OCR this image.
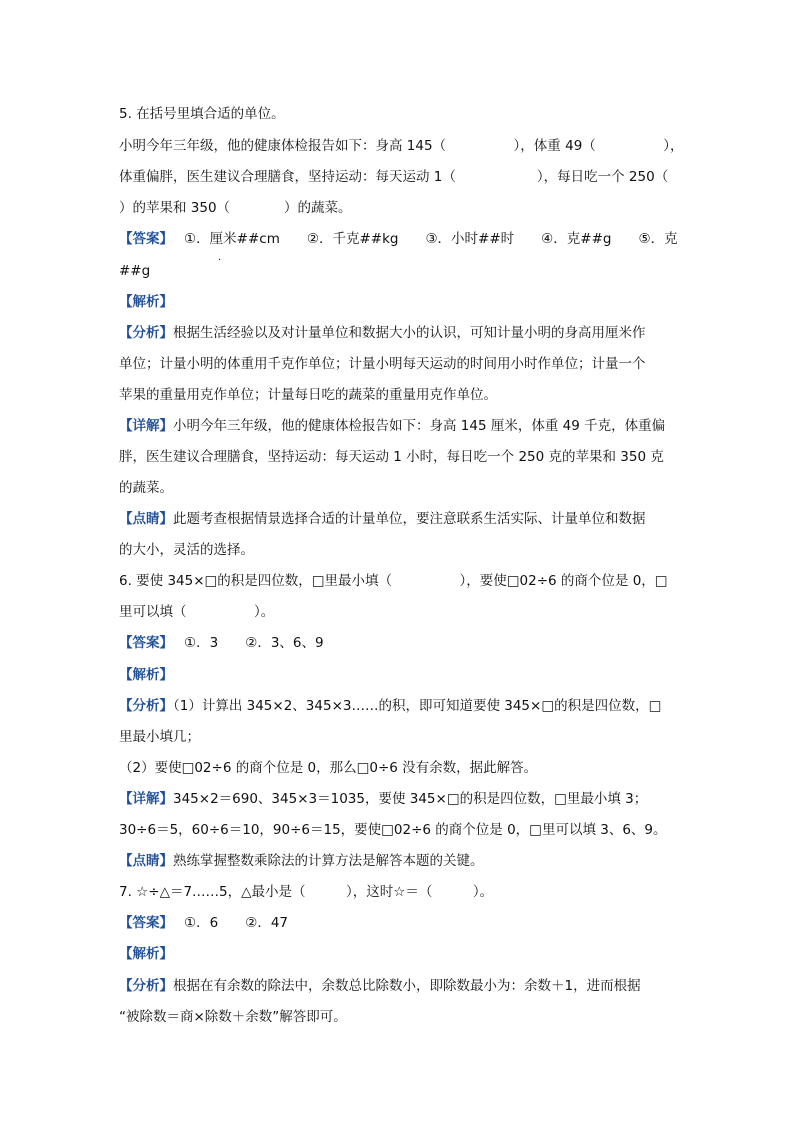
5. 在括号里填合适的单位。
小明今年三年级，他的健康体检报告如下：身高 145（　　　　　），体重 49（　　　　　），
体重偏胖，医生建议合理膳食，坚持运动：每天运动 1（　　　　　　），每日吃一个 250（
）的苹果和 350（　　　　）的蔬菜。
【答案】　 ①．厘米##cm　　②．千克##kg　　③．小时##时　　④．克##g　　⑤．克
·
##g
【解析】
【分析】根据生活经验以及对计量单位和数据大小的认识，可知计量小明的身高用厘米作
单位；计量小明的体重用千克作单位；计量小明每天运动的时间用小时作单位；计量一个
苹果的重量用克作单位；计量每日吃的蔬菜的重量用克作单位。
【详解】小明今年三年级，他的健康体检报告如下：身高 145 厘米，体重 49 千克，体重偏
胖，医生建议合理膳食，坚持运动：每天运动 1 小时，每日吃一个 250 克的苹果和 350 克
的蔬菜。
【点睛】此题考查根据情景选择合适的计量单位，要注意联系生活实际、计量单位和数据
的大小，灵活的选择。
6. 要使 345×□的积是四位数，□里最小填（　　　　　），要使□02÷6 的商个位是 0，□
里可以填（　　　　　）。
【答案】　 ①．3　　②．3、6、9
【解析】
【分析】（1）计算出 345×2、345×3……的积，即可知道要使 345×□的积是四位数，□
里最小填几；
（2）要使□02÷6 的商个位是 0，那么□0÷6 没有余数，据此解答。
【详解】345×2＝690、345×3＝1035，要使 345×□的积是四位数，□里最小填 3；
30÷6＝5，60÷6＝10，90÷6＝15，要使□02÷6 的商个位是 0，□里可以填 3、6、9。
【点睛】熟练掌握整数乘除法的计算方法是解答本题的关键。
7. ☆÷△＝7……5，△最小是（　　　），这时☆＝（　　　）。
【答案】　 ①．6　　②．47
【解析】
【分析】根据在有余数的除法中，余数总比除数小，即除数最小为：余数＋1，进而根据
“被除数＝商×除数＋余数”解答即可。
